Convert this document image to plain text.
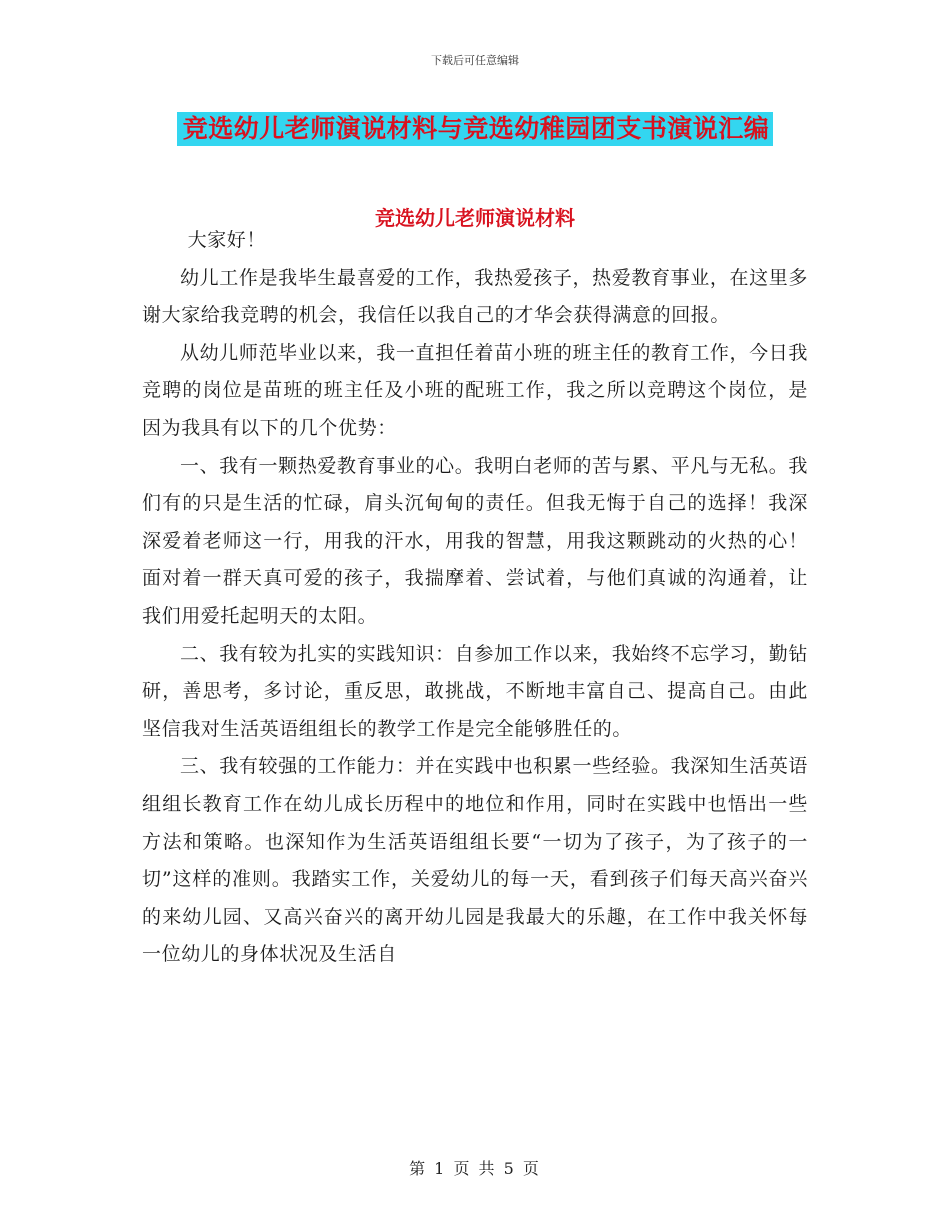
下载后可任意编辑
竞选幼儿老师演说材料与竞选幼稚园团支书演说汇编
竞选幼儿老师演说材料

大家好！

幼儿工作是我毕生最喜爱的工作，我热爱孩子，热爱教育事业，在这里多谢大家给我竞聘的机会，我信任以我自己的才华会获得满意的回报。

从幼儿师范毕业以来，我一直担任着苗小班的班主任的教育工作，今日我竞聘的岗位是苗班的班主任及小班的配班工作，我之所以竞聘这个岗位，是因为我具有以下的几个优势：

一、我有一颗热爱教育事业的心。我明白老师的苦与累、平凡与无私。我们有的只是生活的忙碌，肩头沉甸甸的责任。但我无悔于自己的选择！我深深爱着老师这一行，用我的汗水，用我的智慧，用我这颗跳动的火热的心！面对着一群天真可爱的孩子，我揣摩着、尝试着，与他们真诚的沟通着，让我们用爱托起明天的太阳。

二、我有较为扎实的实践知识：自参加工作以来，我始终不忘学习，勤钻研，善思考，多讨论，重反思，敢挑战，不断地丰富自己、提高自己。由此坚信我对生活英语组组长的教学工作是完全能够胜任的。

三、我有较强的工作能力：并在实践中也积累一些经验。我深知生活英语组组长教育工作在幼儿成长历程中的地位和作用，同时在实践中也悟出一些方法和策略。也深知作为生活英语组组长要“一切为了孩子，为了孩子的一切”这样的准则。我踏实工作，关爱幼儿的每一天，看到孩子们每天高兴奋兴的来幼儿园、又高兴奋兴的离开幼儿园是我最大的乐趣，在工作中我关怀每一位幼儿的身体状况及生活自

第 1 页 共 5 页
